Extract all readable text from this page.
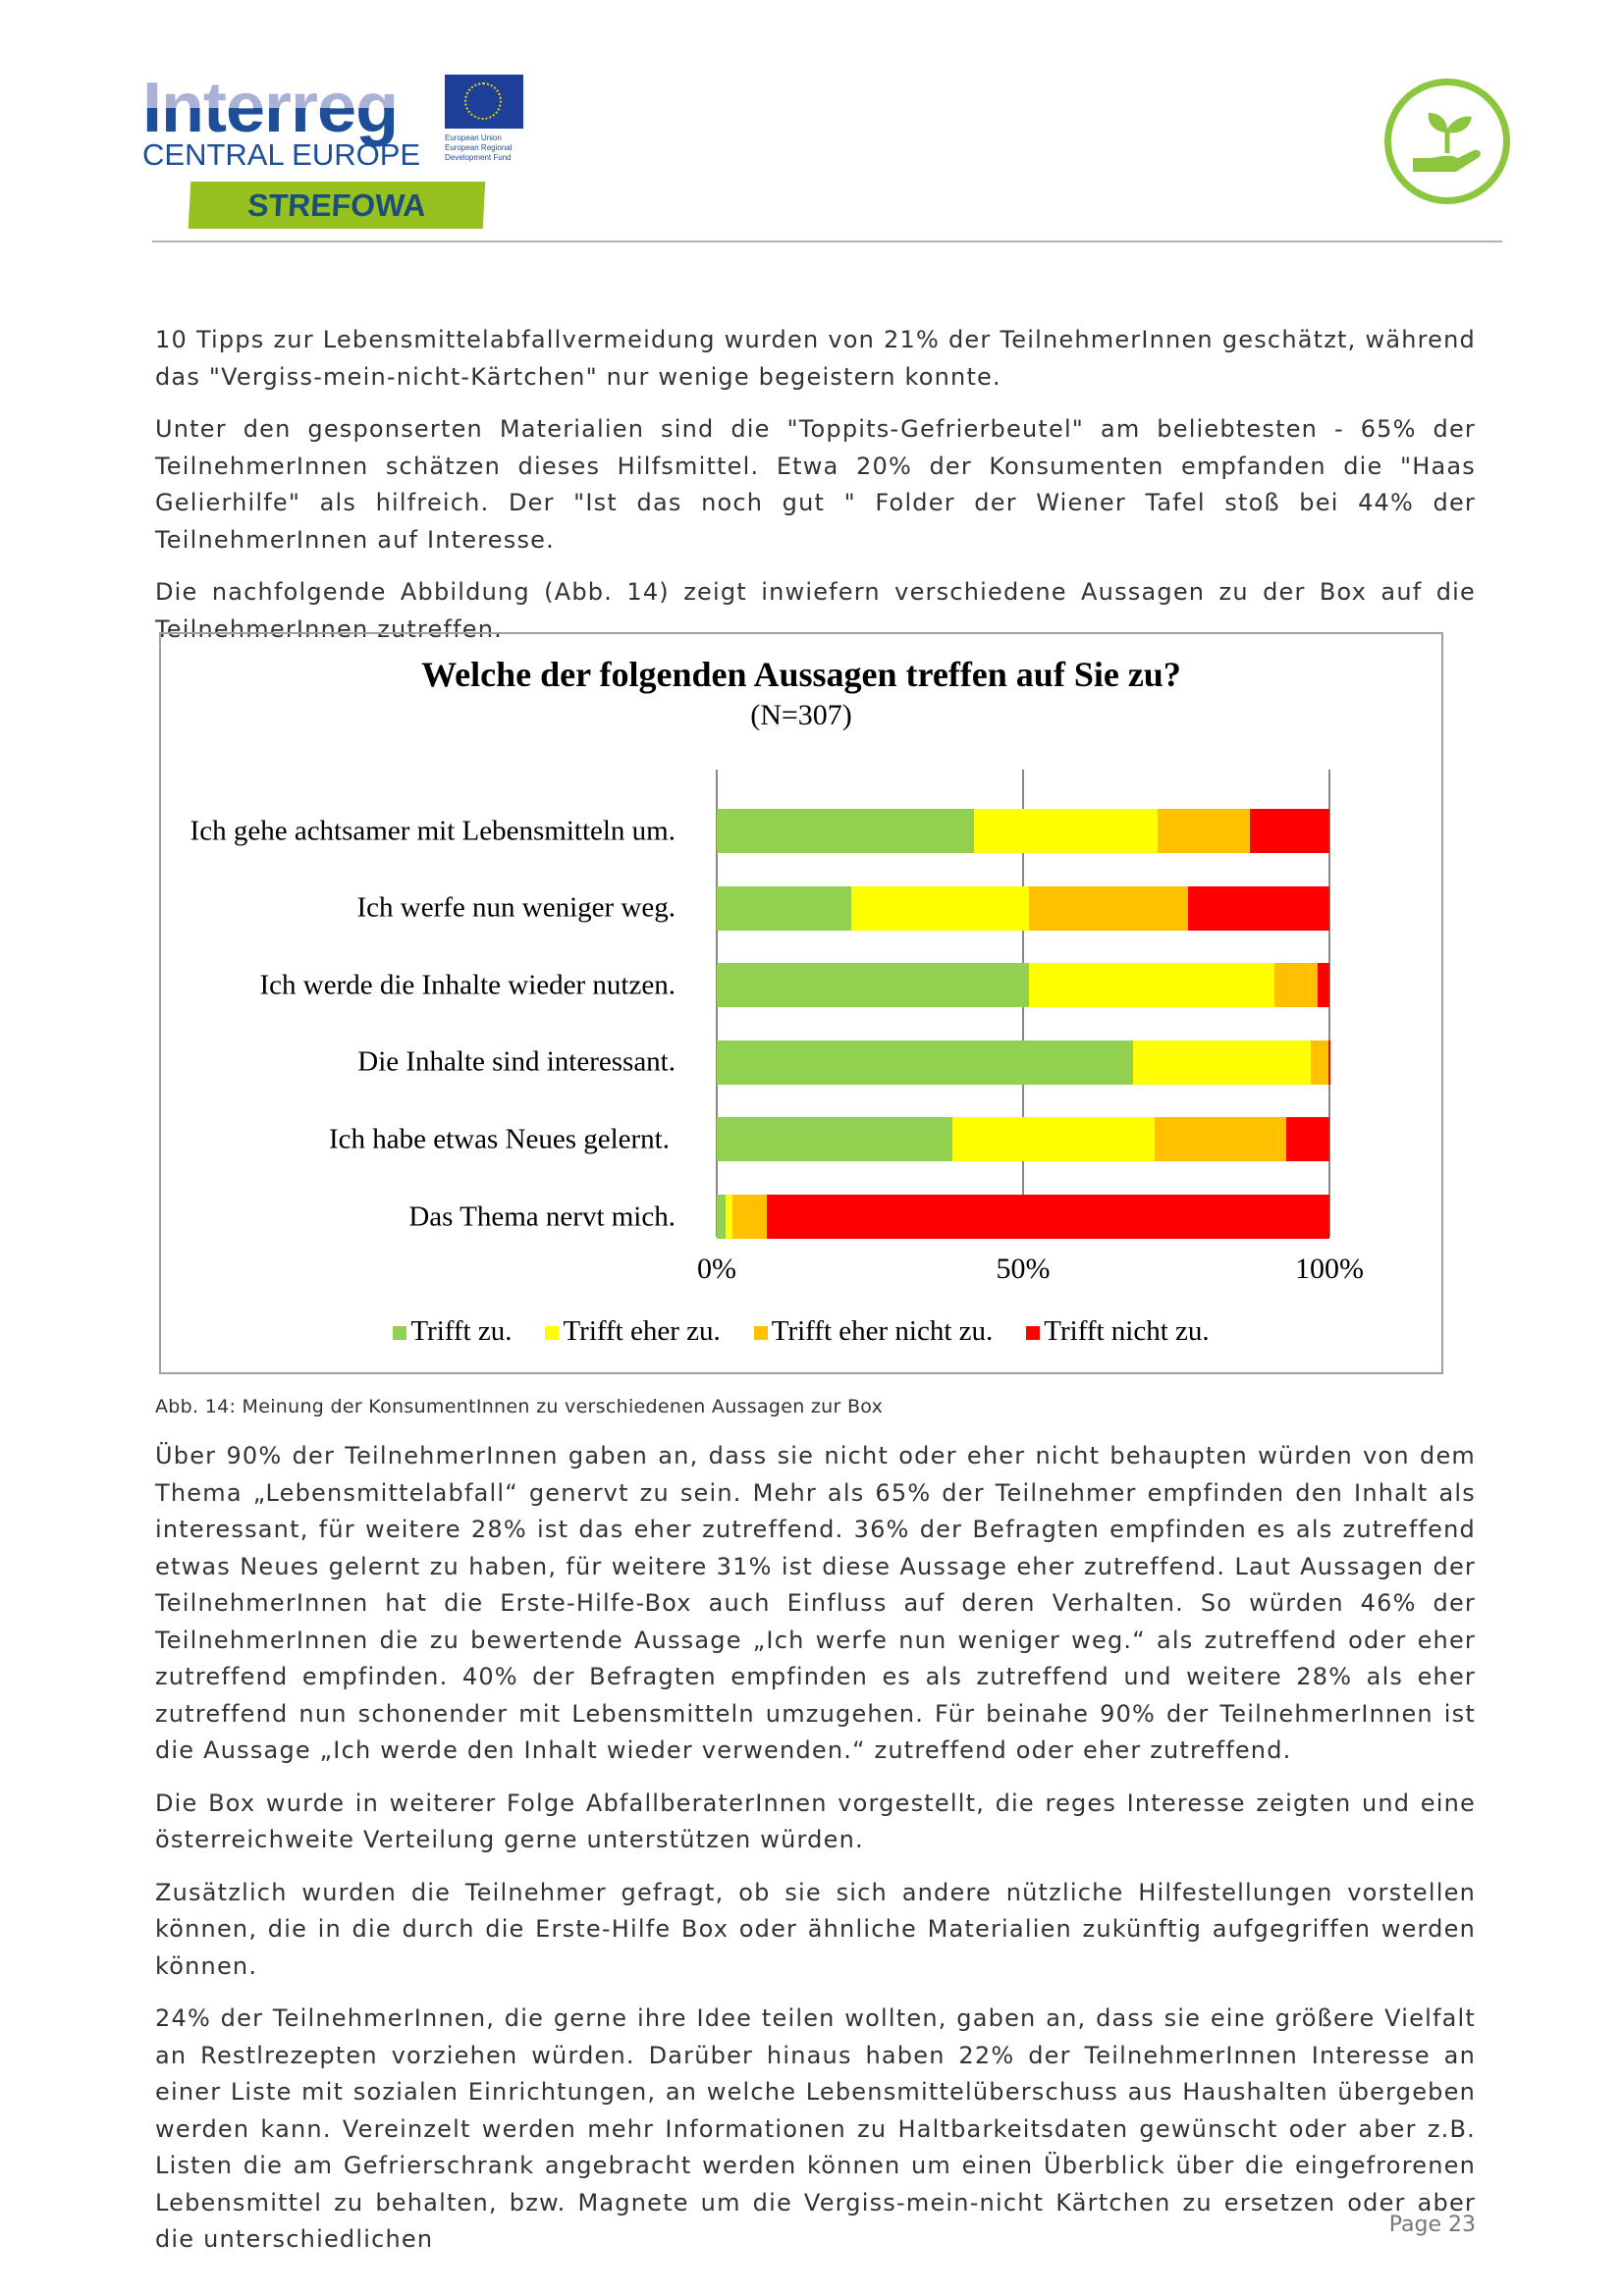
Interreg
CENTRAL EUROPE	European Union European Regional Development Fund
STREFOWA

10 Tipps zur Lebensmittelabfallvermeidung wurden von 21% der TeilnehmerInnen geschätzt, während das "Vergiss-mein-nicht-Kärtchen" nur wenige begeistern konnte.

Unter den gesponserten Materialien sind die "Toppits-Gefrierbeutel" am beliebtesten - 65% der TeilnehmerInnen schätzen dieses Hilfsmittel. Etwa 20% der Konsumenten empfanden die "Haas Gelierhilfe" als hilfreich. Der "Ist das noch gut " Folder der Wiener Tafel stoß bei 44% der TeilnehmerInnen auf Interesse.

Die nachfolgende Abbildung (Abb. 14) zeigt inwiefern verschiedene Aussagen zu der Box auf die TeilnehmerInnen zutreffen.

Welche der folgenden Aussagen treffen auf Sie zu?
(N=307)
Trifft zu.	Trifft eher zu.	Trifft eher nicht zu.	Trifft nicht zu.
0%	50%	100%
Ich gehe achtsamer mit Lebensmitteln um.
Ich werfe nun weniger weg.
Ich werde die Inhalte wieder nutzen.
Die Inhalte sind interessant.
Ich habe etwas Neues gelernt.
Das Thema nervt mich.
Abb. 14: Meinung der KonsumentInnen zu verschiedenen Aussagen zur Box

Über 90% der TeilnehmerInnen gaben an, dass sie nicht oder eher nicht behaupten würden von dem Thema „Lebensmittelabfall“ genervt zu sein. Mehr als 65% der Teilnehmer empfinden den Inhalt als interessant, für weitere 28% ist das eher zutreffend. 36% der Befragten empfinden es als zutreffend etwas Neues gelernt zu haben, für weitere 31% ist diese Aussage eher zutreffend. Laut Aussagen der TeilnehmerInnen hat die Erste-Hilfe-Box auch Einfluss auf deren Verhalten. So würden 46% der TeilnehmerInnen die zu bewertende Aussage „Ich werfe nun weniger weg.“ als zutreffend oder eher zutreffend empfinden. 40% der Befragten empfinden es als zutreffend und weitere 28% als eher zutreffend nun schonender mit Lebensmitteln umzugehen. Für beinahe 90% der TeilnehmerInnen ist die Aussage „Ich werde den Inhalt wieder verwenden.“ zutreffend oder eher zutreffend.

Die Box wurde in weiterer Folge AbfallberaterInnen vorgestellt, die reges Interesse zeigten und eine österreichweite Verteilung gerne unterstützen würden.

Zusätzlich wurden die Teilnehmer gefragt, ob sie sich andere nützliche Hilfestellungen vorstellen können, die in die durch die Erste-Hilfe Box oder ähnliche Materialien zukünftig aufgegriffen werden können.

24% der TeilnehmerInnen, die gerne ihre Idee teilen wollten, gaben an, dass sie eine größere Vielfalt an Restlrezepten vorziehen würden. Darüber hinaus haben 22% der TeilnehmerInnen Interesse an einer Liste mit sozialen Einrichtungen, an welche Lebensmittelüberschuss aus Haushalten übergeben werden kann. Vereinzelt werden mehr Informationen zu Haltbarkeitsdaten gewünscht oder aber z.B. Listen die am Gefrierschrank angebracht werden können um einen Überblick über die eingefrorenen Lebensmittel zu behalten, bzw. Magnete um die Vergiss-mein-nicht Kärtchen zu ersetzen oder aber die unterschiedlichen

Page 23
